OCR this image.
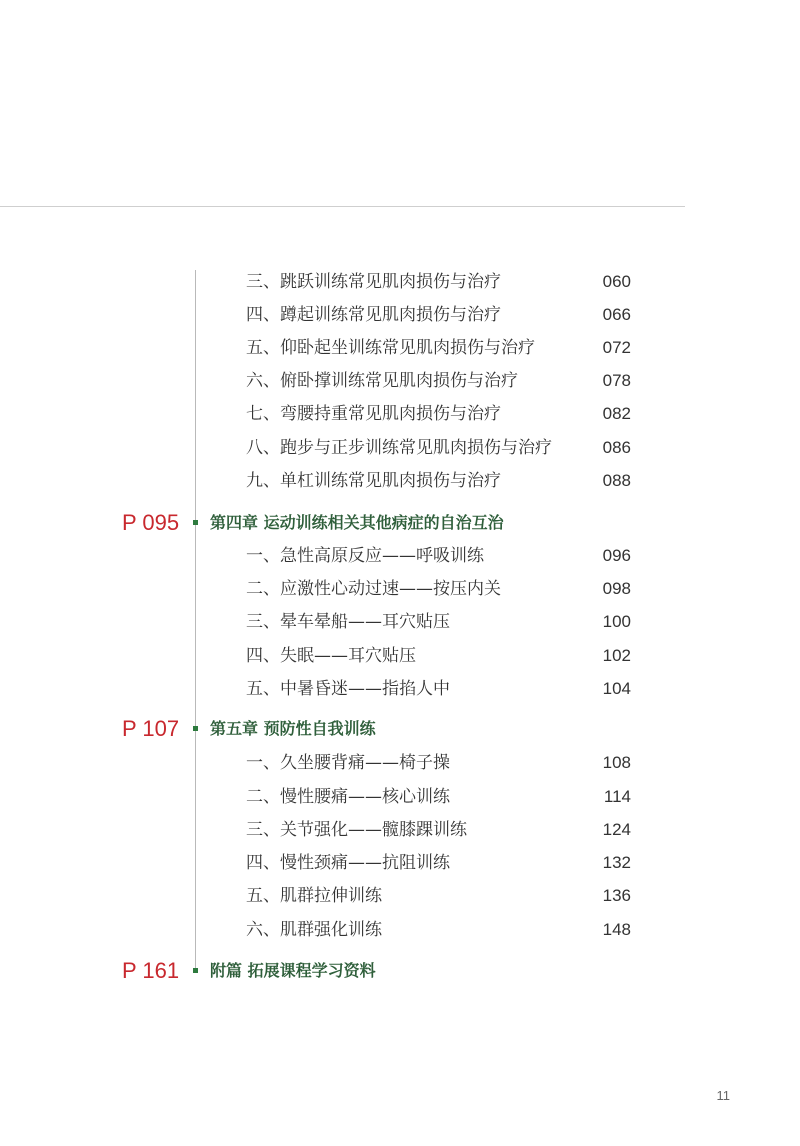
三、跳跃训练常见肌肉损伤与治疗	060
四、蹲起训练常见肌肉损伤与治疗	066
五、仰卧起坐训练常见肌肉损伤与治疗	072
六、俯卧撑训练常见肌肉损伤与治疗	078
七、弯腰持重常见肌肉损伤与治疗	082
八、跑步与正步训练常见肌肉损伤与治疗	086
九、单杠训练常见肌肉损伤与治疗	088
P 095 第四章 运动训练相关其他病症的自治互治
一、急性高原反应——呼吸训练	096
二、应激性心动过速——按压内关	098
三、晕车晕船——耳穴贴压	100
四、失眠——耳穴贴压	102
五、中暑昏迷——指掐人中	104
P 107 第五章 预防性自我训练
一、久坐腰背痛——椅子操	108
二、慢性腰痛——核心训练	114
三、关节强化——髋膝踝训练	124
四、慢性颈痛——抗阻训练	132
五、肌群拉伸训练	136
六、肌群强化训练	148
P 161 附篇 拓展课程学习资料
11
